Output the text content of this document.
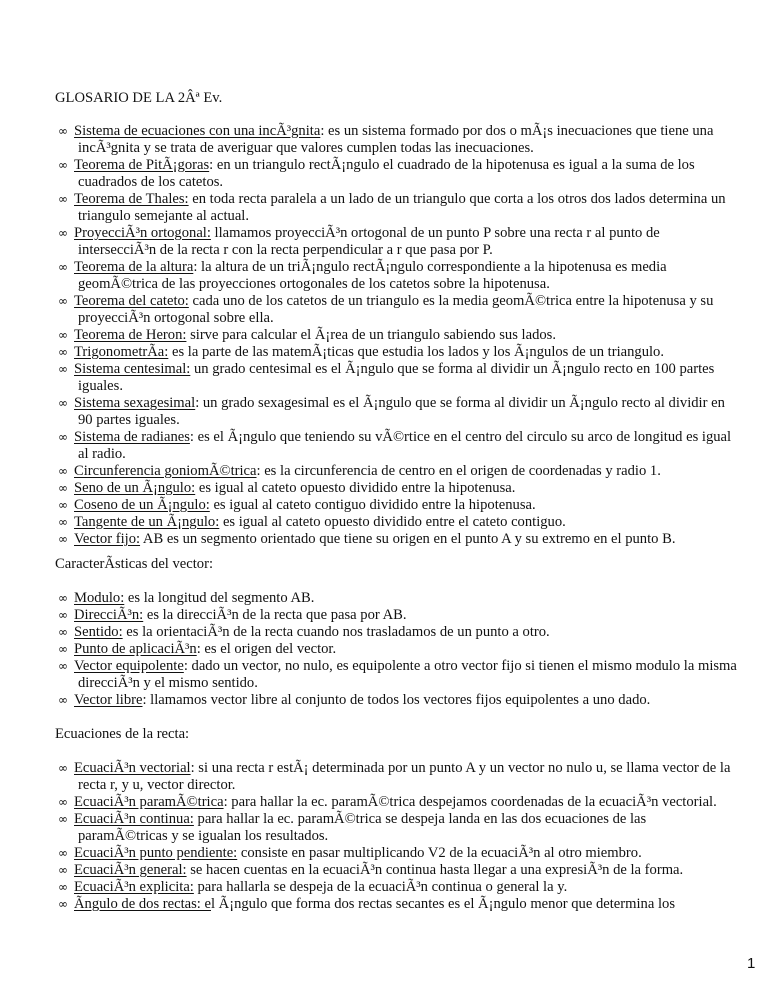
GLOSARIO DE LA 2Âª Ev.
∞ Sistema de ecuaciones con una incÃ³gnita: es un sistema formado por dos o mÃ¡s inecuaciones que tiene una incÃ³gnita y se trata de averiguar que valores cumplen todas las inecuaciones.
∞ Teorema de PitÃ¡goras: en un triangulo rectÃ¡ngulo el cuadrado de la hipotenusa es igual a la suma de los cuadrados de los catetos.
∞ Teorema de Thales: en toda recta paralela a un lado de un triangulo que corta a los otros dos lados determina un triangulo semejante al actual.
∞ ProyecciÃ³n ortogonal: llamamos proyecciÃ³n ortogonal de un punto P sobre una recta r al punto de intersecciÃ³n de la recta r con la recta perpendicular a r que pasa por P.
∞ Teorema de la altura: la altura de un triÃ¡ngulo rectÃ¡ngulo correspondiente a la hipotenusa es media geomÃ©trica de las proyecciones ortogonales de los catetos sobre la hipotenusa.
∞ Teorema del cateto: cada uno de los catetos de un triangulo es la media geomÃ©trica entre la hipotenusa y su proyecciÃ³n ortogonal sobre ella.
∞ Teorema de Heron: sirve para calcular el Ã¡rea de un triangulo sabiendo sus lados.
∞ TrigonometrÃa: es la parte de las matemÃ¡ticas que estudia los lados y los Ã¡ngulos de un triangulo.
∞ Sistema centesimal: un grado centesimal es el Ã¡ngulo que se forma al dividir un Ã¡ngulo recto en 100 partes iguales.
∞ Sistema sexagesimal: un grado sexagesimal es el Ã¡ngulo que se forma al dividir un Ã¡ngulo recto al dividir en 90 partes iguales.
∞ Sistema de radianes: es el Ã¡ngulo que teniendo su vÃ©rtice en el centro del circulo su arco de longitud es igual al radio.
∞ Circunferencia goniomÃ©trica: es la circunferencia de centro en el origen de coordenadas y radio 1.
∞ Seno de un Ã¡ngulo: es igual al cateto opuesto dividido entre la hipotenusa.
∞ Coseno de un Ã¡ngulo: es igual al cateto contiguo dividido entre la hipotenusa.
∞ Tangente de un Ã¡ngulo: es igual al cateto opuesto dividido entre el cateto contiguo.
∞ Vector fijo: AB es un segmento orientado que tiene su origen en el punto A y su extremo en el punto B.
CaracterÃsticas del vector:
∞ Modulo: es la longitud del segmento AB.
∞ DirecciÃ³n: es la direcciÃ³n de la recta que pasa por AB.
∞ Sentido: es la orientaciÃ³n de la recta cuando nos trasladamos de un punto a otro.
∞ Punto de aplicaciÃ³n: es el origen del vector.
∞ Vector equipolente: dado un vector, no nulo, es equipolente a otro vector fijo si tienen el mismo modulo la misma direcciÃ³n y el mismo sentido.
∞ Vector libre: llamamos vector libre al conjunto de todos los vectores fijos equipolentes a uno dado.
Ecuaciones de la recta:
∞ EcuaciÃ³n vectorial: si una recta r estÃ¡ determinada por un punto A y un vector no nulo u, se llama vector de la recta r, y u, vector director.
∞ EcuaciÃ³n paramÃ©trica: para hallar la ec. paramÃ©trica despejamos coordenadas de la ecuaciÃ³n vectorial.
∞ EcuaciÃ³n continua: para hallar la ec. paramÃ©trica se despeja landa en las dos ecuaciones de las paramÃ©tricas y se igualan los resultados.
∞ EcuaciÃ³n punto pendiente: consiste en pasar multiplicando V2 de la ecuaciÃ³n al otro miembro.
∞ EcuaciÃ³n general: se hacen cuentas en la ecuaciÃ³n continua hasta llegar a una expresiÃ³n de la forma.
∞ EcuaciÃ³n explicita: para hallarla se despeja de la ecuaciÃ³n continua o general la y.
∞ Ãngulo de dos rectas: el Ã¡ngulo que forma dos rectas secantes es el Ã¡ngulo menor que determina los
1
